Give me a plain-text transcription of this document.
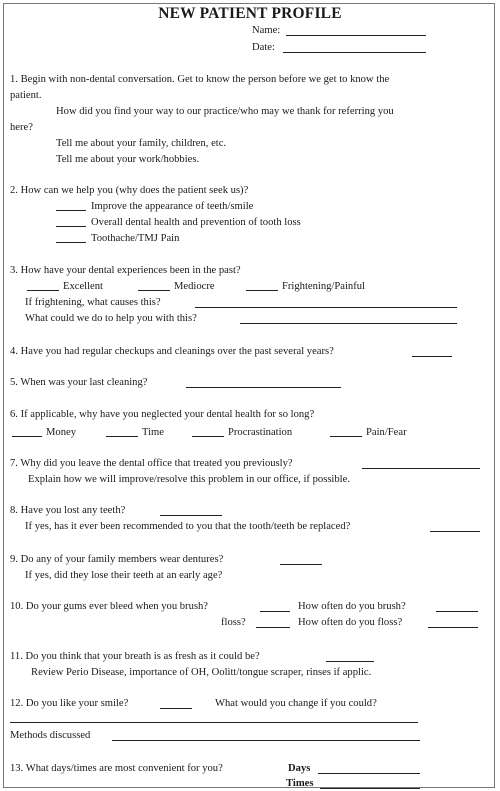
NEW PATIENT PROFILE
Name:
Date:
1. Begin with non-dental conversation. Get to know the person before we get to know the
patient.
How did you find your way to our practice/who may we thank for referring you
here?
Tell me about your family, children, etc.
Tell me about your work/hobbies.
2. How can we help you (why does the patient seek us)?
Improve the appearance of teeth/smile
Overall dental health and prevention of tooth loss
Toothache/TMJ Pain
3. How have your dental experiences been in the past?
Excellent	Mediocre	Frightening/Painful
If frightening, what causes this?
What could we do to help you with this?
4. Have you had regular checkups and cleanings over the past several years?
5. When was your last cleaning?
6. If applicable, why have you neglected your dental health for so long?
Money	Time	Procrastination	Pain/Fear
7. Why did you leave the dental office that treated you previously?
Explain how we will improve/resolve this problem in our office, if possible.
8. Have you lost any teeth?
If yes, has it ever been recommended to you that the tooth/teeth be replaced?
9. Do any of your family members wear dentures?
If yes, did they lose their teeth at an early age?
10. Do your gums ever bleed when you brush?	How often do you brush?
floss?	How often do you floss?
11. Do you think that your breath is as fresh as it could be?
Review Perio Disease, importance of OH, Oolitt/tongue scraper, rinses if applic.
12. Do you like your smile?	What would you change if you could?
Methods discussed
13. What days/times are most convenient for you?	Days
Times
